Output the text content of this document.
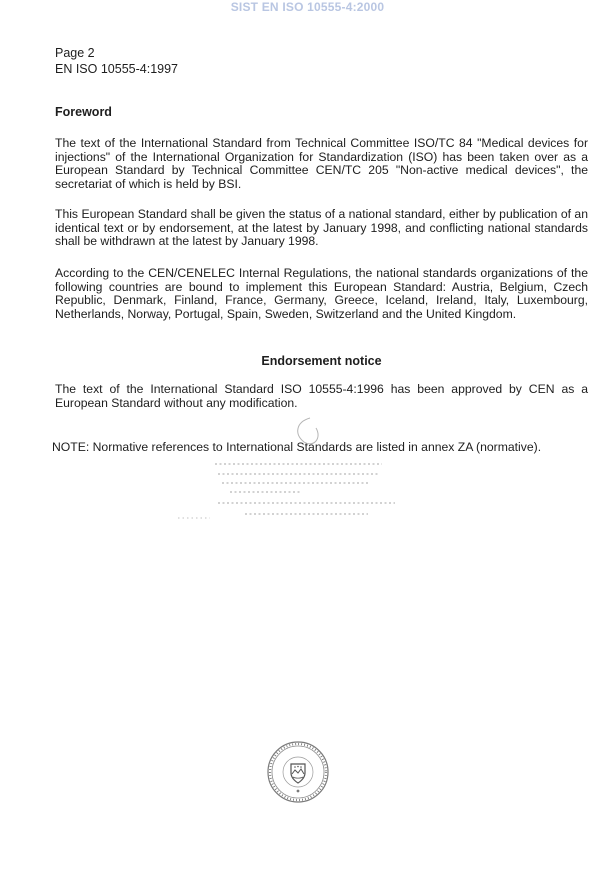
SIST EN ISO 10555-4:2000
Page 2
EN ISO 10555-4:1997
Foreword

The text of the International Standard from Technical Committee ISO/TC 84 "Medical devices for injections" of the International Organization for Standardization (ISO) has been taken over as a European Standard by Technical Committee CEN/TC 205 "Non-active medical devices", the secretariat of which is held by BSI.

This European Standard shall be given the status of a national standard, either by publication of an identical text or by endorsement, at the latest by January 1998, and conflicting national standards shall be withdrawn at the latest by January 1998.

According to the CEN/CENELEC Internal Regulations, the national standards organizations of the following countries are bound to implement this European Standard: Austria, Belgium, Czech Republic, Denmark, Finland, France, Germany, Greece, Iceland, Ireland, Italy, Luxembourg, Netherlands, Norway, Portugal, Spain, Sweden, Switzerland and the United Kingdom.

Endorsement notice

The text of the International Standard ISO 10555-4:1996 has been approved by CEN as a European Standard without any modification.

NOTE: Normative references to International Standards are listed in annex ZA (normative).
